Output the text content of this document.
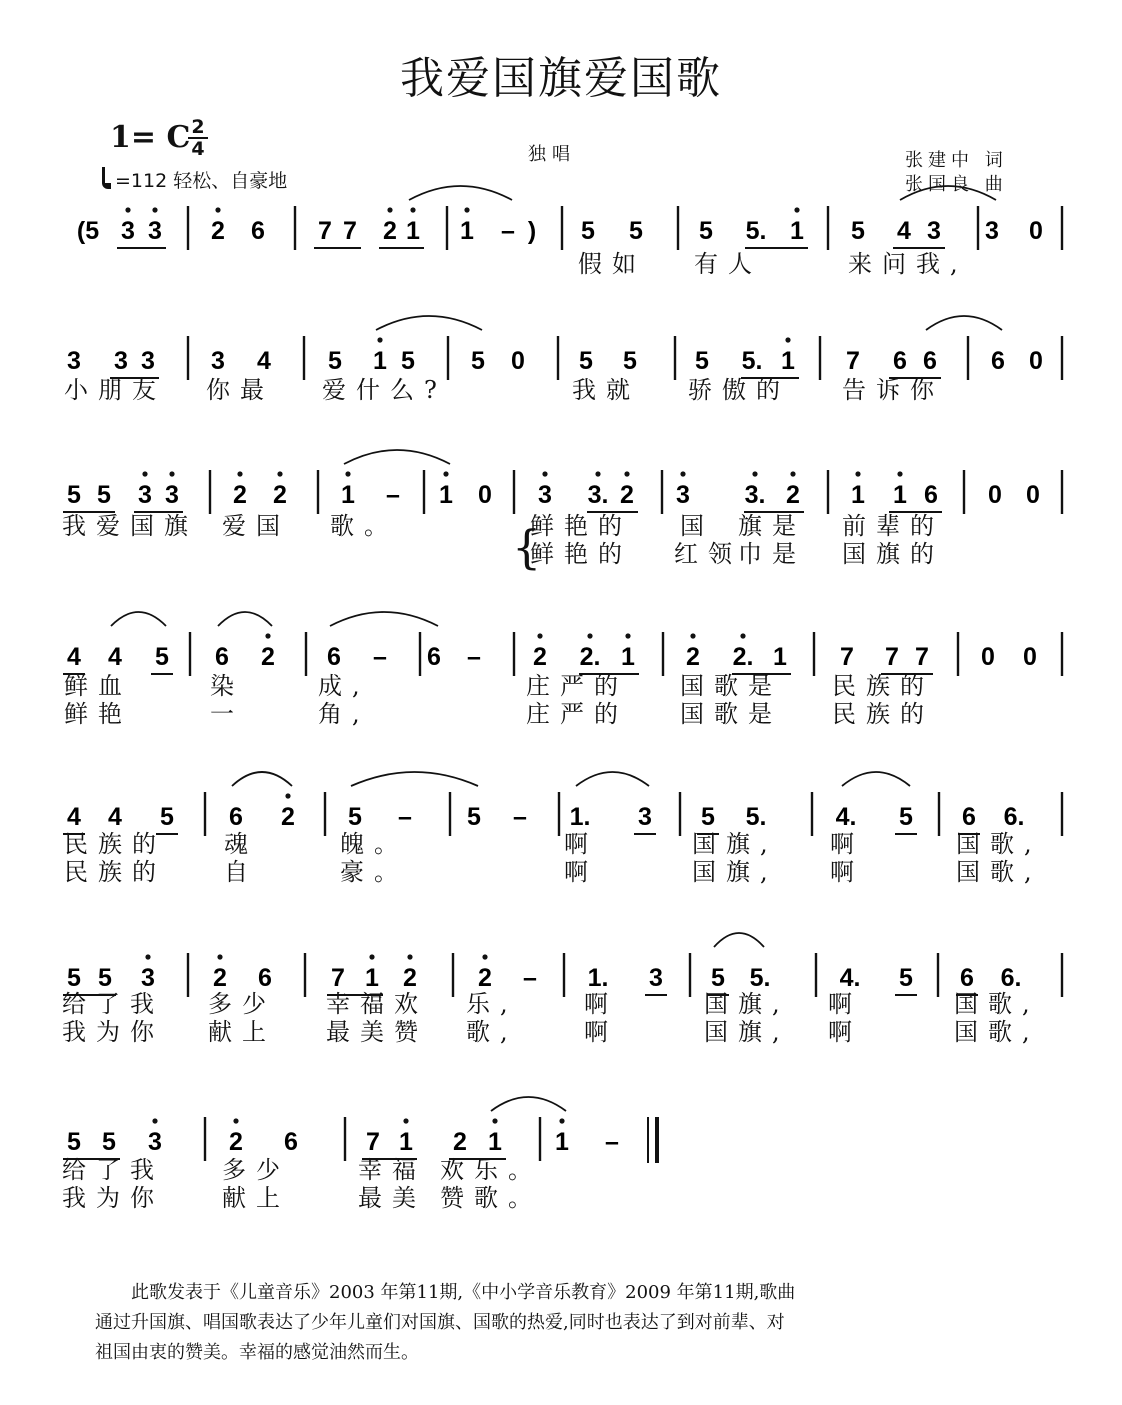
我爱国旗爱国歌
1= C 2
4
=112 轻松、自豪地
独唱	张建中 词
张国良 曲
(5 3 3 2 6 7 7 2 1 1 – ) 5 5 5 5. 1 5 4 3 3 0
3 3 3 3 4 5 1 5 5 0 5 5 5 5. 1 7 6 6 6 0
5 5 3 3 2 2 1 – 1 0 3 3. 2 3 3. 2 1 1 6 0 0
4 4 5 6 2 6 – 6 – 2 2. 1 2 2. 1 7 7 7 0 0
4 4 5 6 2 5 – 5 – 1. 3 5 5.	4. 5 6 6.
5 5 3 2 6 7 1 2 2 – 1. 3 5 5.	4. 5 6 6.
5 5 3	2 6	7 1 2 1 1 –
假如 有人	来问我,
小朋友 你最 爱什么?	我就 骄傲的 告诉你
我爱国旗 爱国 歌。	鲜艳的 国 旗是 前辈的
鲜艳的 红领
巾是 国旗的
鲜血	染	成,	庄严的 国歌是 民族的
鲜艳	一	角,	庄严的 国歌是 民族的
民族的 魂	魄。	啊	国旗, 啊	国歌,
民族的 自	豪。	啊	国旗, 啊	国歌,
给了我 多少 幸福欢 乐,	啊	国旗, 啊	国歌,
我为你 献上 最美赞 歌,	啊	国旗, 啊	国歌,
给了我 多少	幸福 欢乐。
我为你 献上	最美 赞歌。
{

此歌发表于《儿童音乐》2003 年第11期,《中小学音乐教育》2009 年第11期,歌曲

通过升国旗、唱国歌表达了少年儿童们对国旗、国歌的热爱,同时也表达了到对前辈、对
祖国由衷的赞美。幸福的感觉油然而生。
